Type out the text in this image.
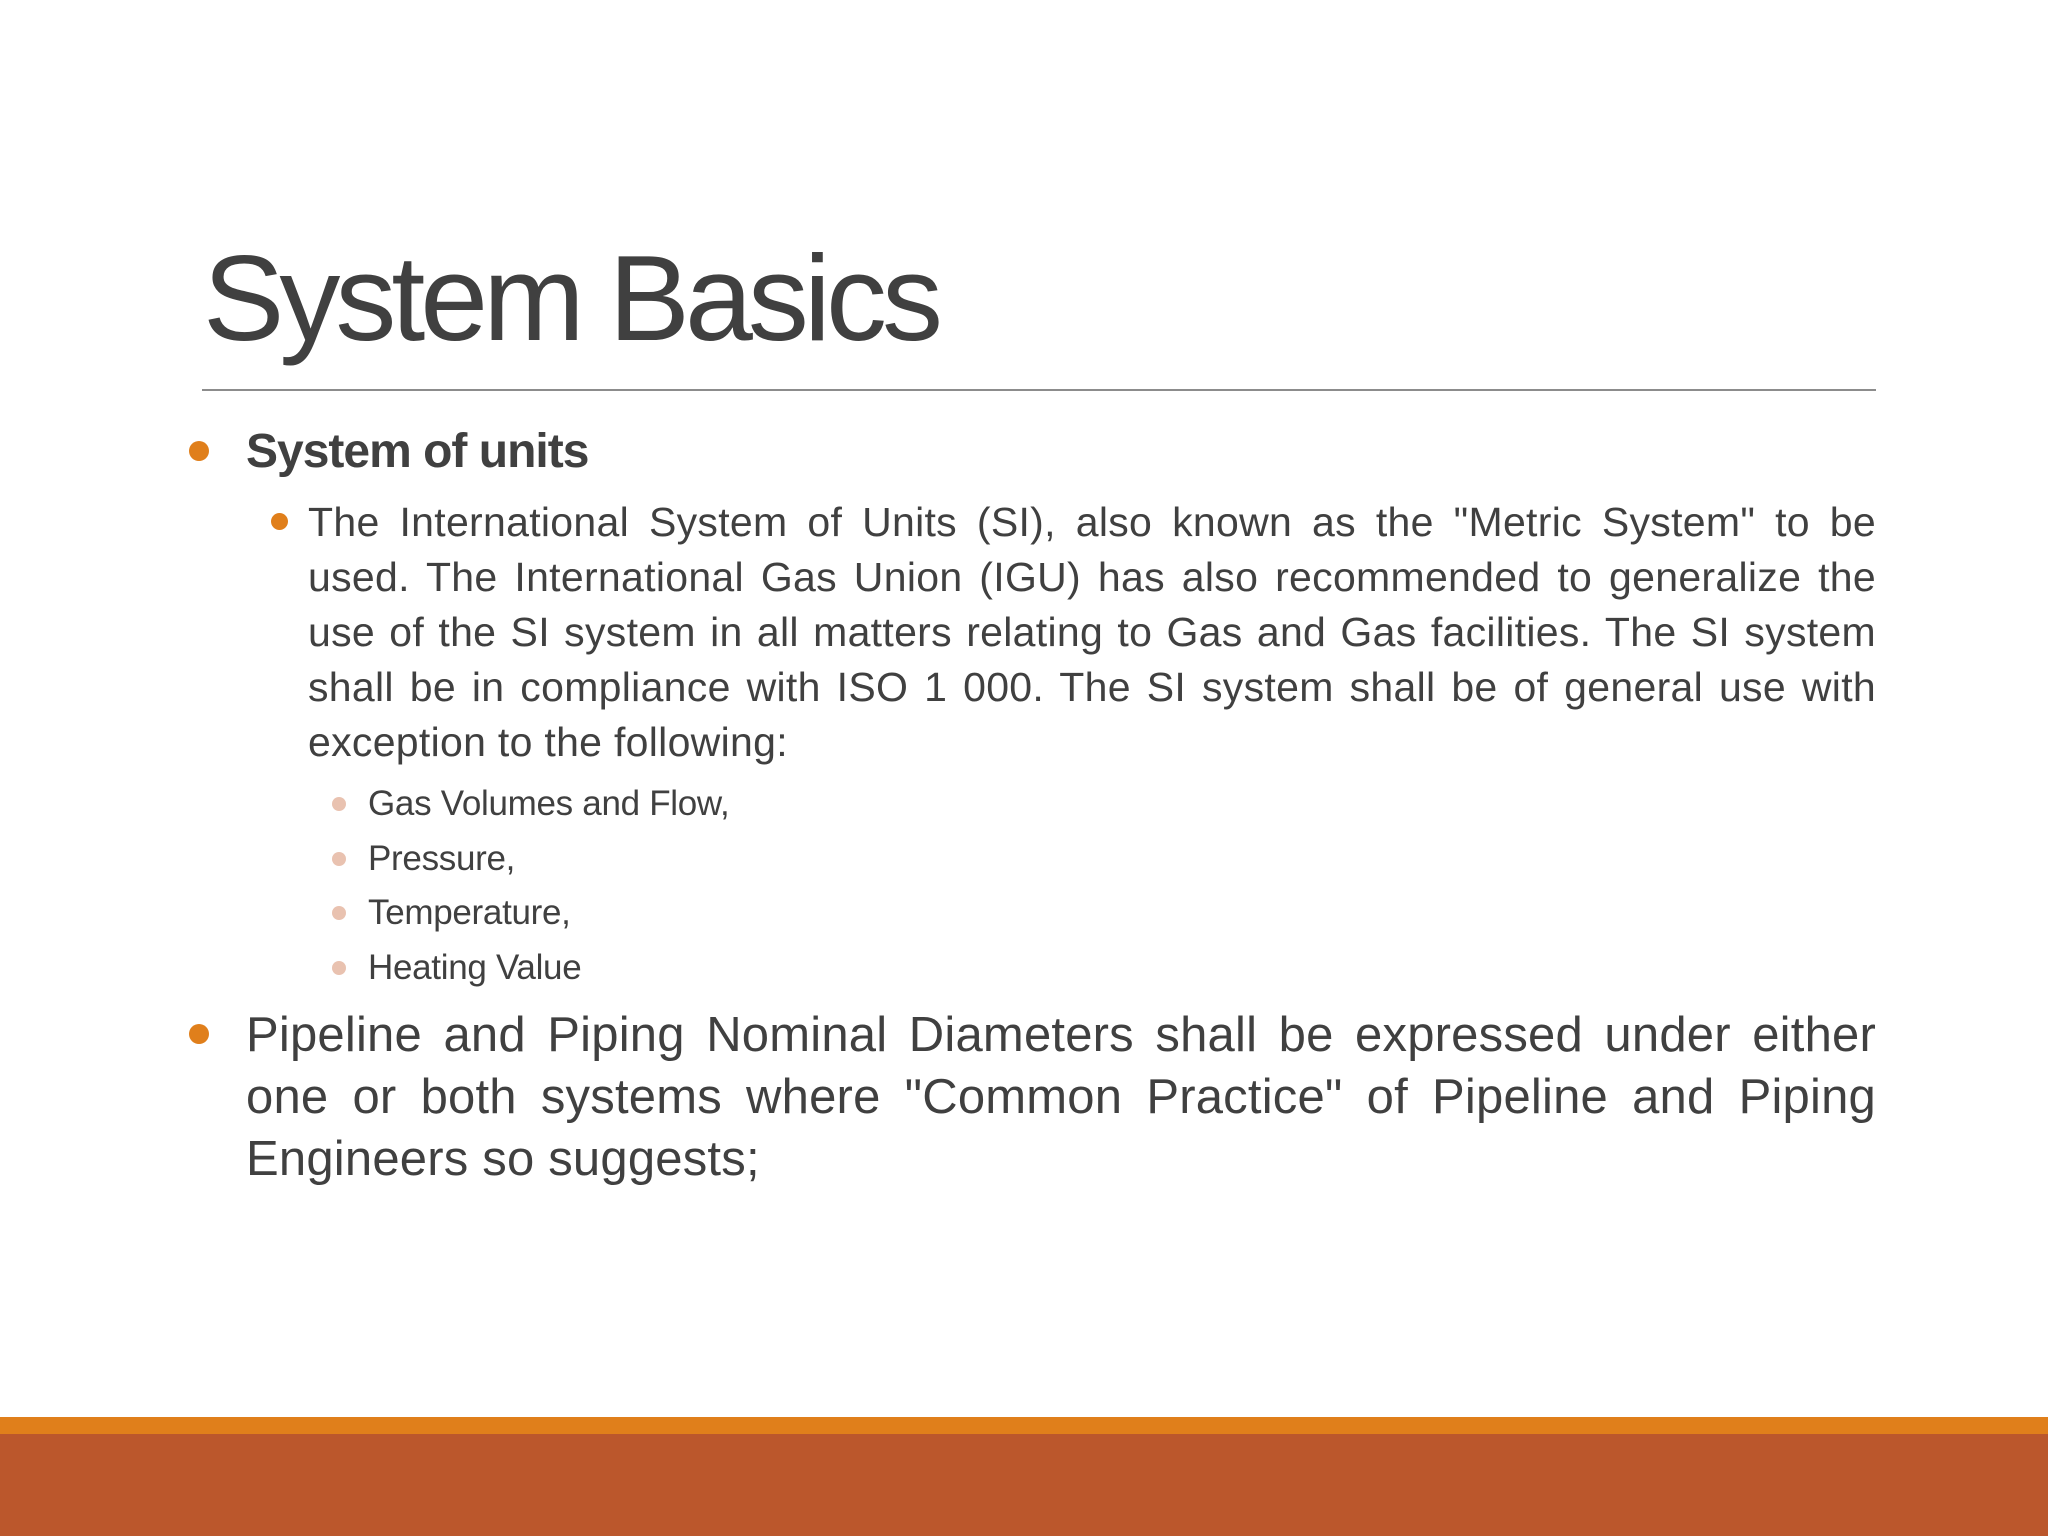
System Basics

System of units

The International System of Units (SI), also known as the "Metric System" to be used. The International Gas Union (IGU) has also recommended to generalize the use of the SI system in all matters relating to Gas and Gas facilities. The SI system shall be in compliance with ISO 1 000. The SI system shall be of general use with exception to the following:

Gas Volumes and Flow,

Pressure,

Temperature,

Heating Value

Pipeline and Piping Nominal Diameters shall be expressed under either one or both systems where "Common Practice" of Pipeline and Piping Engineers so suggests;
